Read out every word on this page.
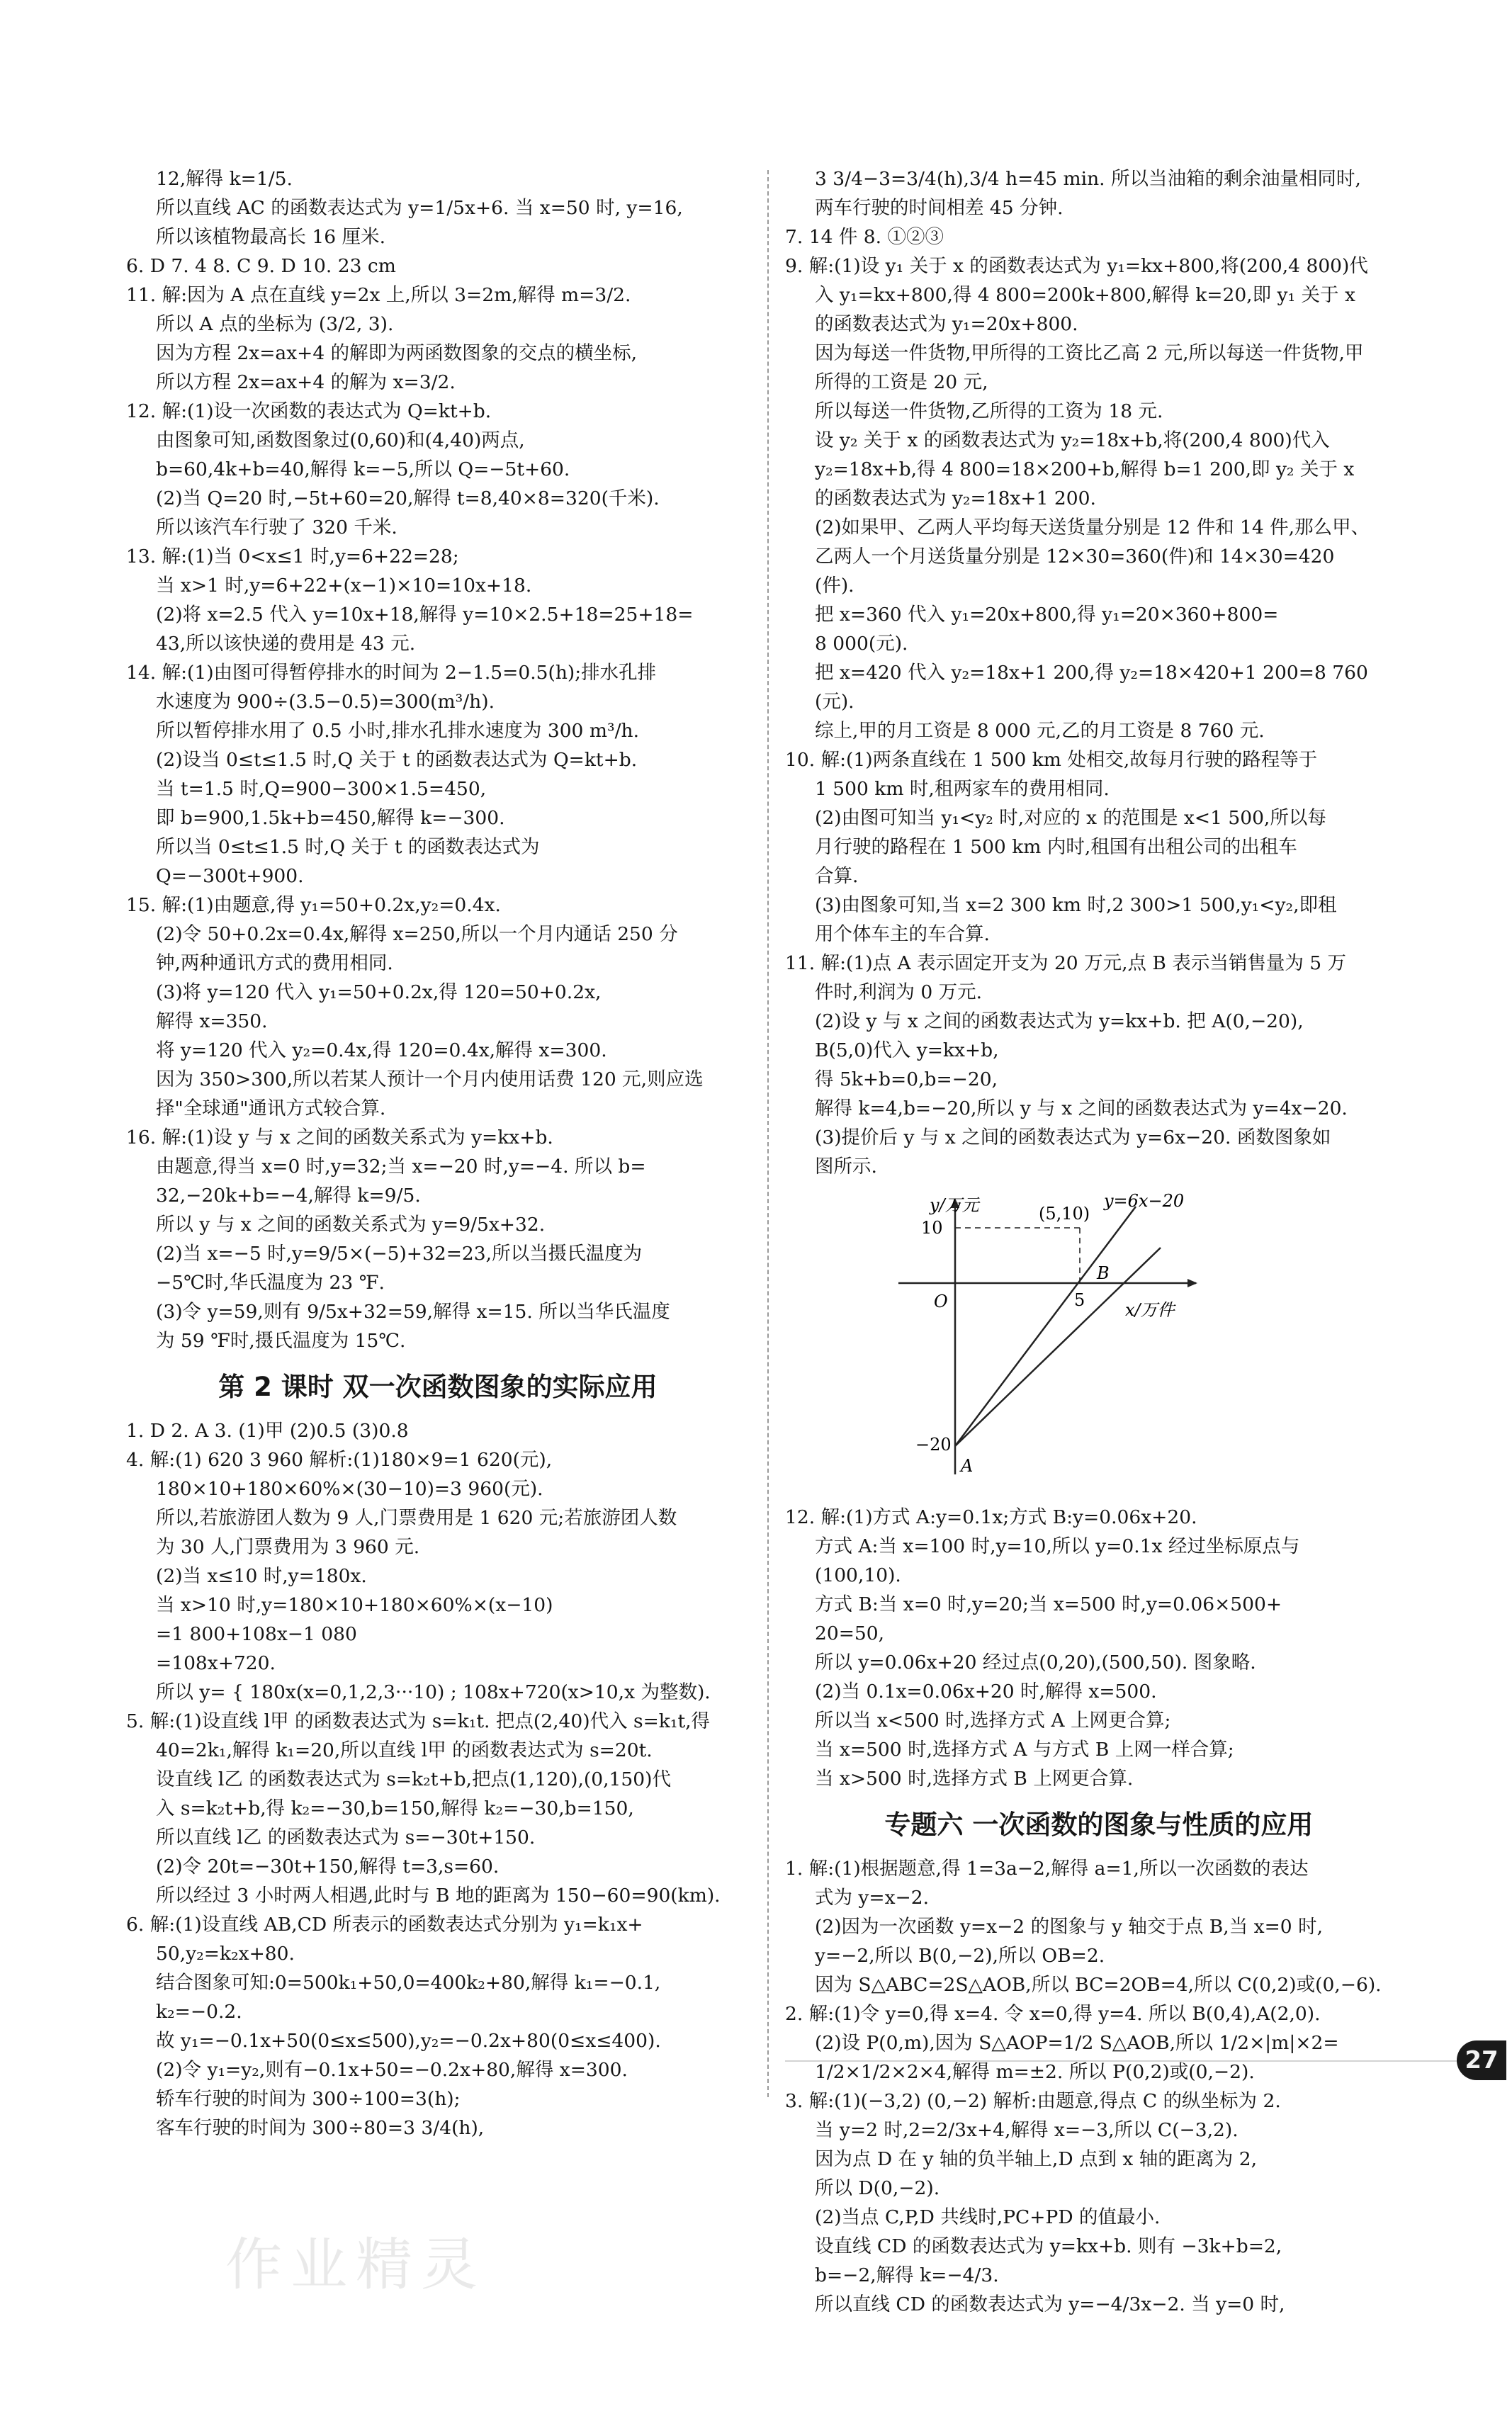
12,解得 k=1/5.

所以直线 AC 的函数表达式为 y=1/5x+6. 当 x=50 时, y=16,

所以该植物最高长 16 厘米.

6. D 7. 4 8. C 9. D 10. 23 cm

11. 解:因为 A 点在直线 y=2x 上,所以 3=2m,解得 m=3/2.

所以 A 点的坐标为 (3/2, 3).

因为方程 2x=ax+4 的解即为两函数图象的交点的横坐标,

所以方程 2x=ax+4 的解为 x=3/2.

12. 解:(1)设一次函数的表达式为 Q=kt+b.

由图象可知,函数图象过(0,60)和(4,40)两点,

b=60,4k+b=40,解得 k=−5,所以 Q=−5t+60.

(2)当 Q=20 时,−5t+60=20,解得 t=8,40×8=320(千米).

所以该汽车行驶了 320 千米.

13. 解:(1)当 0<x≤1 时,y=6+22=28;

当 x>1 时,y=6+22+(x−1)×10=10x+18.

(2)将 x=2.5 代入 y=10x+18,解得 y=10×2.5+18=25+18=

43,所以该快递的费用是 43 元.

14. 解:(1)由图可得暂停排水的时间为 2−1.5=0.5(h);排水孔排

水速度为 900÷(3.5−0.5)=300(m³/h).

所以暂停排水用了 0.5 小时,排水孔排水速度为 300 m³/h.

(2)设当 0≤t≤1.5 时,Q 关于 t 的函数表达式为 Q=kt+b.

当 t=1.5 时,Q=900−300×1.5=450,

即 b=900,1.5k+b=450,解得 k=−300.

所以当 0≤t≤1.5 时,Q 关于 t 的函数表达式为

Q=−300t+900.

15. 解:(1)由题意,得 y₁=50+0.2x,y₂=0.4x.

(2)令 50+0.2x=0.4x,解得 x=250,所以一个月内通话 250 分

钟,两种通讯方式的费用相同.

(3)将 y=120 代入 y₁=50+0.2x,得 120=50+0.2x,

解得 x=350.

将 y=120 代入 y₂=0.4x,得 120=0.4x,解得 x=300.

因为 350>300,所以若某人预计一个月内使用话费 120 元,则应选

择"全球通"通讯方式较合算.

16. 解:(1)设 y 与 x 之间的函数关系式为 y=kx+b.

由题意,得当 x=0 时,y=32;当 x=−20 时,y=−4. 所以 b=

32,−20k+b=−4,解得 k=9/5.

所以 y 与 x 之间的函数关系式为 y=9/5x+32.

(2)当 x=−5 时,y=9/5×(−5)+32=23,所以当摄氏温度为

−5℃时,华氏温度为 23 ℉.

(3)令 y=59,则有 9/5x+32=59,解得 x=15. 所以当华氏温度

为 59 ℉时,摄氏温度为 15℃.

第 2 课时 双一次函数图象的实际应用

1. D 2. A 3. (1)甲 (2)0.5 (3)0.8

4. 解:(1) 620 3 960 解析:(1)180×9=1 620(元),

180×10+180×60%×(30−10)=3 960(元).

所以,若旅游团人数为 9 人,门票费用是 1 620 元;若旅游团人数

为 30 人,门票费用为 3 960 元.

(2)当 x≤10 时,y=180x.

当 x>10 时,y=180×10+180×60%×(x−10)

=1 800+108x−1 080

=108x+720.

所以 y= { 180x(x=0,1,2,3···10) ; 108x+720(x>10,x 为整数).

5. 解:(1)设直线 l甲 的函数表达式为 s=k₁t. 把点(2,40)代入 s=k₁t,得

40=2k₁,解得 k₁=20,所以直线 l甲 的函数表达式为 s=20t.

设直线 l乙 的函数表达式为 s=k₂t+b,把点(1,120),(0,150)代

入 s=k₂t+b,得 k₂=−30,b=150,解得 k₂=−30,b=150,

所以直线 l乙 的函数表达式为 s=−30t+150.

(2)令 20t=−30t+150,解得 t=3,s=60.

所以经过 3 小时两人相遇,此时与 B 地的距离为 150−60=90(km).

6. 解:(1)设直线 AB,CD 所表示的函数表达式分别为 y₁=k₁x+

50,y₂=k₂x+80.

结合图象可知:0=500k₁+50,0=400k₂+80,解得 k₁=−0.1,

k₂=−0.2.

故 y₁=−0.1x+50(0≤x≤500),y₂=−0.2x+80(0≤x≤400).

(2)令 y₁=y₂,则有−0.1x+50=−0.2x+80,解得 x=300.

轿车行驶的时间为 300÷100=3(h);

客车行驶的时间为 300÷80=3 3/4(h),

3 3/4−3=3/4(h),3/4 h=45 min. 所以当油箱的剩余油量相同时,

两车行驶的时间相差 45 分钟.

7. 14 件 8. ①②③

9. 解:(1)设 y₁ 关于 x 的函数表达式为 y₁=kx+800,将(200,4 800)代

入 y₁=kx+800,得 4 800=200k+800,解得 k=20,即 y₁ 关于 x

的函数表达式为 y₁=20x+800.

因为每送一件货物,甲所得的工资比乙高 2 元,所以每送一件货物,甲

所得的工资是 20 元,

所以每送一件货物,乙所得的工资为 18 元.

设 y₂ 关于 x 的函数表达式为 y₂=18x+b,将(200,4 800)代入

y₂=18x+b,得 4 800=18×200+b,解得 b=1 200,即 y₂ 关于 x

的函数表达式为 y₂=18x+1 200.

(2)如果甲、乙两人平均每天送货量分别是 12 件和 14 件,那么甲、

乙两人一个月送货量分别是 12×30=360(件)和 14×30=420

(件).

把 x=360 代入 y₁=20x+800,得 y₁=20×360+800=

8 000(元).

把 x=420 代入 y₂=18x+1 200,得 y₂=18×420+1 200=8 760

(元).

综上,甲的月工资是 8 000 元,乙的月工资是 8 760 元.

10. 解:(1)两条直线在 1 500 km 处相交,故每月行驶的路程等于

1 500 km 时,租两家车的费用相同.

(2)由图可知当 y₁<y₂ 时,对应的 x 的范围是 x<1 500,所以每

月行驶的路程在 1 500 km 内时,租国有出租公司的出租车

合算.

(3)由图象可知,当 x=2 300 km 时,2 300>1 500,y₁<y₂,即租

用个体车主的车合算.

11. 解:(1)点 A 表示固定开支为 20 万元,点 B 表示当销售量为 5 万

件时,利润为 0 万元.

(2)设 y 与 x 之间的函数表达式为 y=kx+b. 把 A(0,−20),

B(5,0)代入 y=kx+b,

得 5k+b=0,b=−20,

解得 k=4,b=−20,所以 y 与 x 之间的函数表达式为 y=4x−20.

(3)提价后 y 与 x 之间的函数表达式为 y=6x−20. 函数图象如

图所示.

y/万元	y=6x−20
(5,10)
10
O	5
B
x/万件
−20
A

12. 解:(1)方式 A:y=0.1x;方式 B:y=0.06x+20.

方式 A:当 x=100 时,y=10,所以 y=0.1x 经过坐标原点与

(100,10).

方式 B:当 x=0 时,y=20;当 x=500 时,y=0.06×500+

20=50,

所以 y=0.06x+20 经过点(0,20),(500,50). 图象略.

(2)当 0.1x=0.06x+20 时,解得 x=500.

所以当 x<500 时,选择方式 A 上网更合算;

当 x=500 时,选择方式 A 与方式 B 上网一样合算;

当 x>500 时,选择方式 B 上网更合算.

专题六 一次函数的图象与性质的应用

1. 解:(1)根据题意,得 1=3a−2,解得 a=1,所以一次函数的表达

式为 y=x−2.

(2)因为一次函数 y=x−2 的图象与 y 轴交于点 B,当 x=0 时,

y=−2,所以 B(0,−2),所以 OB=2.

因为 S△ABC=2S△AOB,所以 BC=2OB=4,所以 C(0,2)或(0,−6).

2. 解:(1)令 y=0,得 x=4. 令 x=0,得 y=4. 所以 B(0,4),A(2,0).

(2)设 P(0,m),因为 S△AOP=1/2 S△AOB,所以 1/2×|m|×2=

1/2×1/2×2×4,解得 m=±2. 所以 P(0,2)或(0,−2).

3. 解:(1)(−3,2) (0,−2) 解析:由题意,得点 C 的纵坐标为 2.

当 y=2 时,2=2/3x+4,解得 x=−3,所以 C(−3,2).

因为点 D 在 y 轴的负半轴上,D 点到 x 轴的距离为 2,

所以 D(0,−2).

(2)当点 C,P,D 共线时,PC+PD 的值最小.

设直线 CD 的函数表达式为 y=kx+b. 则有 −3k+b=2,

b=−2,解得 k=−4/3.

所以直线 CD 的函数表达式为 y=−4/3x−2. 当 y=0 时,

27
作业精灵
